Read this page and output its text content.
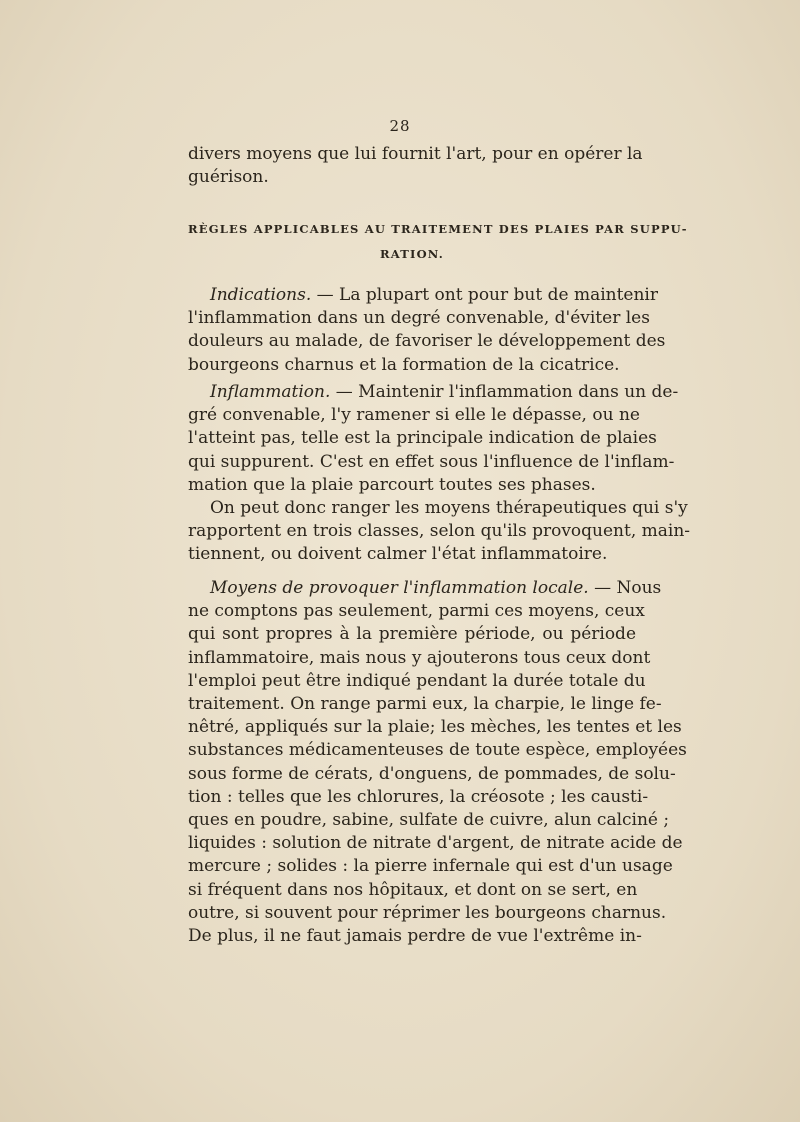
28
divers moyens que lui fournit l'art, pour en opérer la
guérison.
RÈGLES APPLICABLES AU TRAITEMENT DES PLAIES PAR SUPPU-
RATION.
Indications. — La plupart ont pour but de maintenir
l'inflammation dans un degré convenable, d'éviter les
douleurs au malade, de favoriser le développement des
bourgeons charnus et la formation de la cicatrice.
Inflammation. — Maintenir l'inflammation dans un de-
gré convenable, l'y ramener si elle le dépasse, ou ne
l'atteint pas, telle est la principale indication de plaies
qui suppurent. C'est en effet sous l'influence de l'inflam-
mation que la plaie parcourt toutes ses phases.
On peut donc ranger les moyens thérapeutiques qui s'y
rapportent en trois classes, selon qu'ils provoquent, main-
tiennent, ou doivent calmer l'état inflammatoire.
Moyens de provoquer l'inflammation locale. — Nous
ne comptons pas seulement, parmi ces moyens, ceux
qui sont propres à la première période, ou période
inflammatoire, mais nous y ajouterons tous ceux dont
l'emploi peut être indiqué pendant la durée totale du
traitement. On range parmi eux, la charpie, le linge fe-
nêtré, appliqués sur la plaie; les mèches, les tentes et les
substances médicamenteuses de toute espèce, employées
sous forme de cérats, d'onguens, de pommades, de solu-
tion : telles que les chlorures, la créosote ; les causti-
ques en poudre, sabine, sulfate de cuivre, alun calciné ;
liquides : solution de nitrate d'argent, de nitrate acide de
mercure ; solides : la pierre infernale qui est d'un usage
si fréquent dans nos hôpitaux, et dont on se sert, en
outre, si souvent pour réprimer les bourgeons charnus.
De plus, il ne faut jamais perdre de vue l'extrême in-
